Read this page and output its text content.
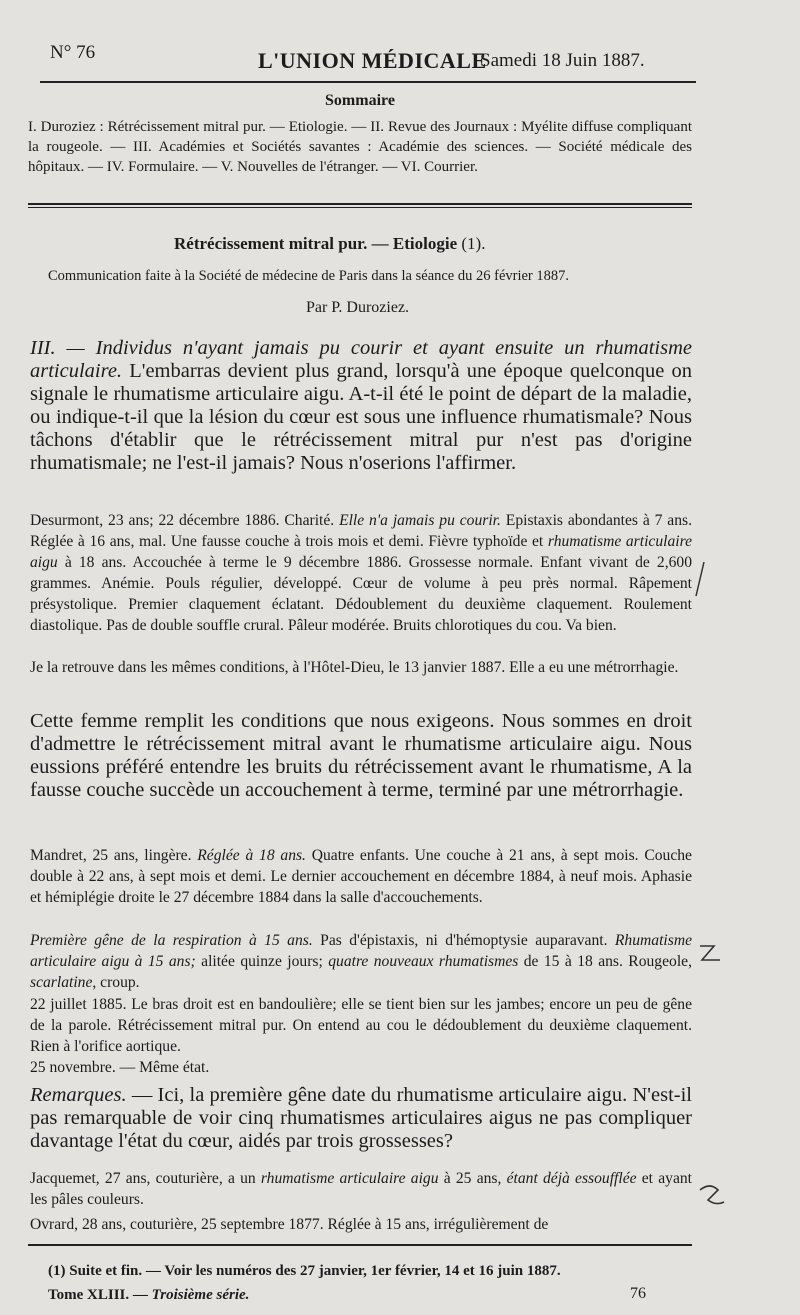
N° 76	L'UNION MÉDICALE
Samedi 18 Juin 1887.
Sommaire

I. Duroziez : Rétrécissement mitral pur. — Etiologie. — II. Revue des Journaux : Myélite diffuse compliquant la rougeole. — III. Académies et Sociétés savantes : Académie des sciences. — Société médicale des hôpitaux. — IV. Formulaire. — V. Nouvelles de l'étranger. — VI. Courrier.

Rétrécissement mitral pur. — Etiologie (1).
Communication faite à la Société de médecine de Paris dans la séance du 26 février 1887.
Par P. Duroziez.

III. — Individus n'ayant jamais pu courir et ayant ensuite un rhumatisme articulaire. L'embarras devient plus grand, lorsqu'à une époque quelconque on signale le rhumatisme articulaire aigu. A-t-il été le point de départ de la maladie, ou indique-t-il que la lésion du cœur est sous une influence rhumatismale? Nous tâchons d'établir que le rétrécissement mitral pur n'est pas d'origine rhumatismale; ne l'est-il jamais? Nous n'oserions l'affirmer.

Desurmont, 23 ans; 22 décembre 1886. Charité. Elle n'a jamais pu courir. Epistaxis abondantes à 7 ans. Réglée à 16 ans, mal. Une fausse couche à trois mois et demi. Fièvre typhoïde et rhumatisme articulaire aigu à 18 ans. Accouchée à terme le 9 décembre 1886. Grossesse normale. Enfant vivant de 2,600 grammes. Anémie. Pouls régulier, développé. Cœur de volume à peu près normal. Râpement présystolique. Premier claquement éclatant. Dédoublement du deuxième claquement. Roulement diastolique. Pas de double souffle crural. Pâleur modérée. Bruits chlorotiques du cou. Va bien.

Je la retrouve dans les mêmes conditions, à l'Hôtel-Dieu, le 13 janvier 1887. Elle a eu une métrorrhagie.

Cette femme remplit les conditions que nous exigeons. Nous sommes en droit d'admettre le rétrécissement mitral avant le rhumatisme articulaire aigu. Nous eussions préféré entendre les bruits du rétrécissement avant le rhumatisme, A la fausse couche succède un accouchement à terme, terminé par une métrorrhagie.

Mandret, 25 ans, lingère. Réglée à 18 ans. Quatre enfants. Une couche à 21 ans, à sept mois. Couche double à 22 ans, à sept mois et demi. Le dernier accouchement en décembre 1884, à neuf mois. Aphasie et hémiplégie droite le 27 décembre 1884 dans la salle d'accouchements.

Première gêne de la respiration à 15 ans. Pas d'épistaxis, ni d'hémoptysie auparavant. Rhumatisme articulaire aigu à 15 ans; alitée quinze jours; quatre nouveaux rhumatismes de 15 à 18 ans. Rougeole, scarlatine, croup.

22 juillet 1885. Le bras droit est en bandoulière; elle se tient bien sur les jambes; encore un peu de gêne de la parole. Rétrécissement mitral pur. On entend au cou le dédoublement du deuxième claquement. Rien à l'orifice aortique.

25 novembre. — Même état.

Remarques. — Ici, la première gêne date du rhumatisme articulaire aigu. N'est-il pas remarquable de voir cinq rhumatismes articulaires aigus ne pas compliquer davantage l'état du cœur, aidés par trois grossesses?

Jacquemet, 27 ans, couturière, a un rhumatisme articulaire aigu à 25 ans, étant déjà essoufflée et ayant les pâles couleurs.

Ovrard, 28 ans, couturière, 25 septembre 1877. Réglée à 15 ans, irrégulièrement de

(1) Suite et fin. — Voir les numéros des 27 janvier, 1er février, 14 et 16 juin 1887.

Tome XLIII. — Troisième série.	76
